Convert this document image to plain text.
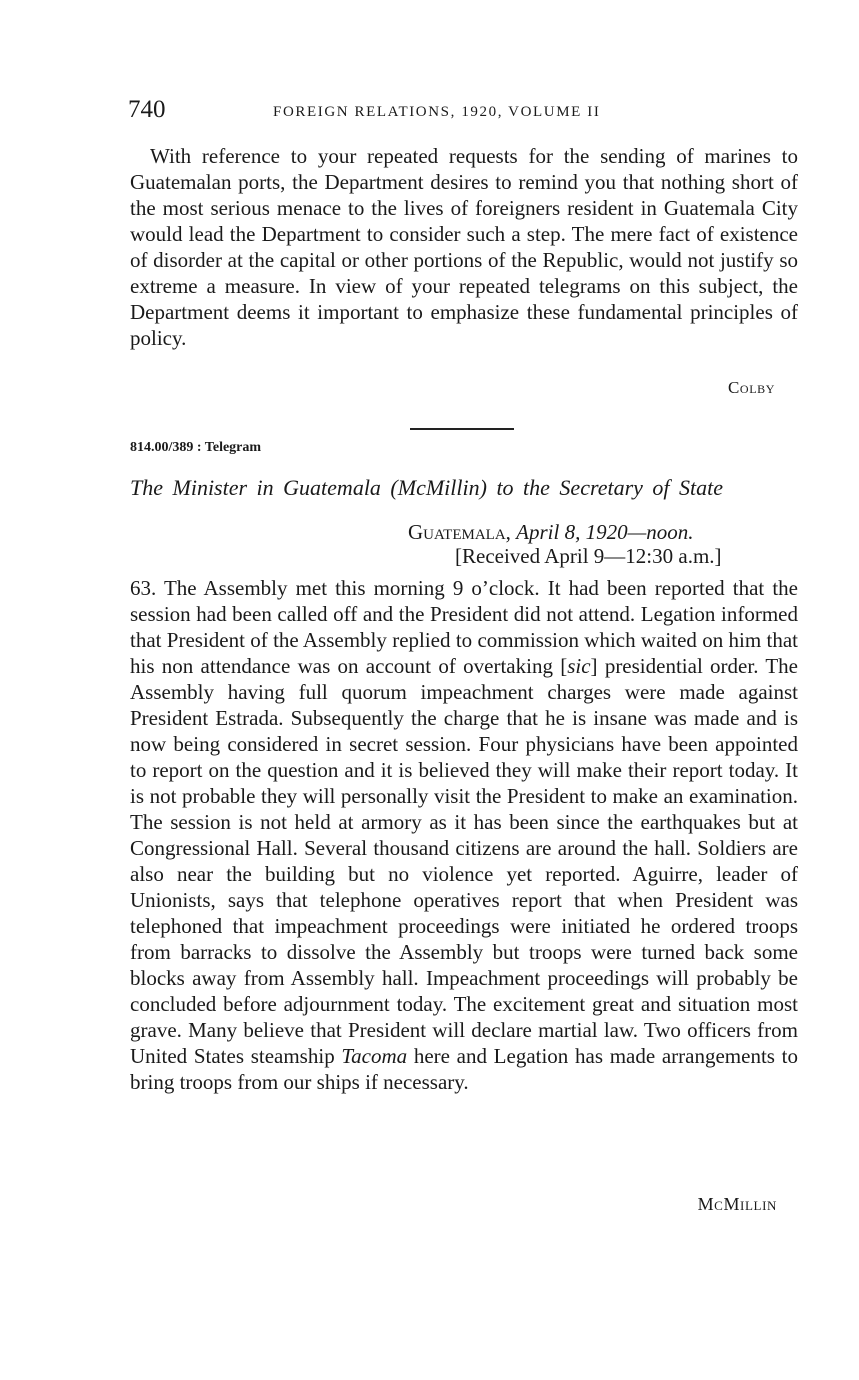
740	FOREIGN RELATIONS, 1920, VOLUME II

With reference to your repeated requests for the sending of marines to Guatemalan ports, the Department desires to remind you that nothing short of the most serious menace to the lives of foreigners resident in Guatemala City would lead the Department to consider such a step. The mere fact of existence of disorder at the capital or other portions of the Republic, would not justify so extreme a measure. In view of your repeated telegrams on this subject, the Department deems it important to emphasize these fundamental principles of policy.

Colby
814.00/389 : Telegram
The Minister in Guatemala (McMillin) to the Secretary of State
Guatemala, April 8, 1920—noon.
[Received April 9—12:30 a.m.]

63. The Assembly met this morning 9 o’clock. It had been reported that the session had been called off and the President did not attend. Legation informed that President of the Assembly replied to commission which waited on him that his non attendance was on account of overtaking [sic] presidential order. The Assembly having full quorum impeachment charges were made against President Estrada. Subsequently the charge that he is insane was made and is now being considered in secret session. Four physicians have been appointed to report on the question and it is believed they will make their report today. It is not probable they will personally visit the President to make an examination. The session is not held at armory as it has been since the earthquakes but at Congressional Hall. Several thousand citizens are around the hall. Soldiers are also near the building but no violence yet reported. Aguirre, leader of Unionists, says that telephone operatives report that when President was telephoned that impeachment proceedings were initiated he ordered troops from barracks to dissolve the Assembly but troops were turned back some blocks away from Assembly hall. Impeachment proceedings will probably be concluded before adjournment today. The excitement great and situation most grave. Many believe that President will declare martial law. Two officers from United States steamship Tacoma here and Legation has made arrangements to bring troops from our ships if necessary.

McMillin
